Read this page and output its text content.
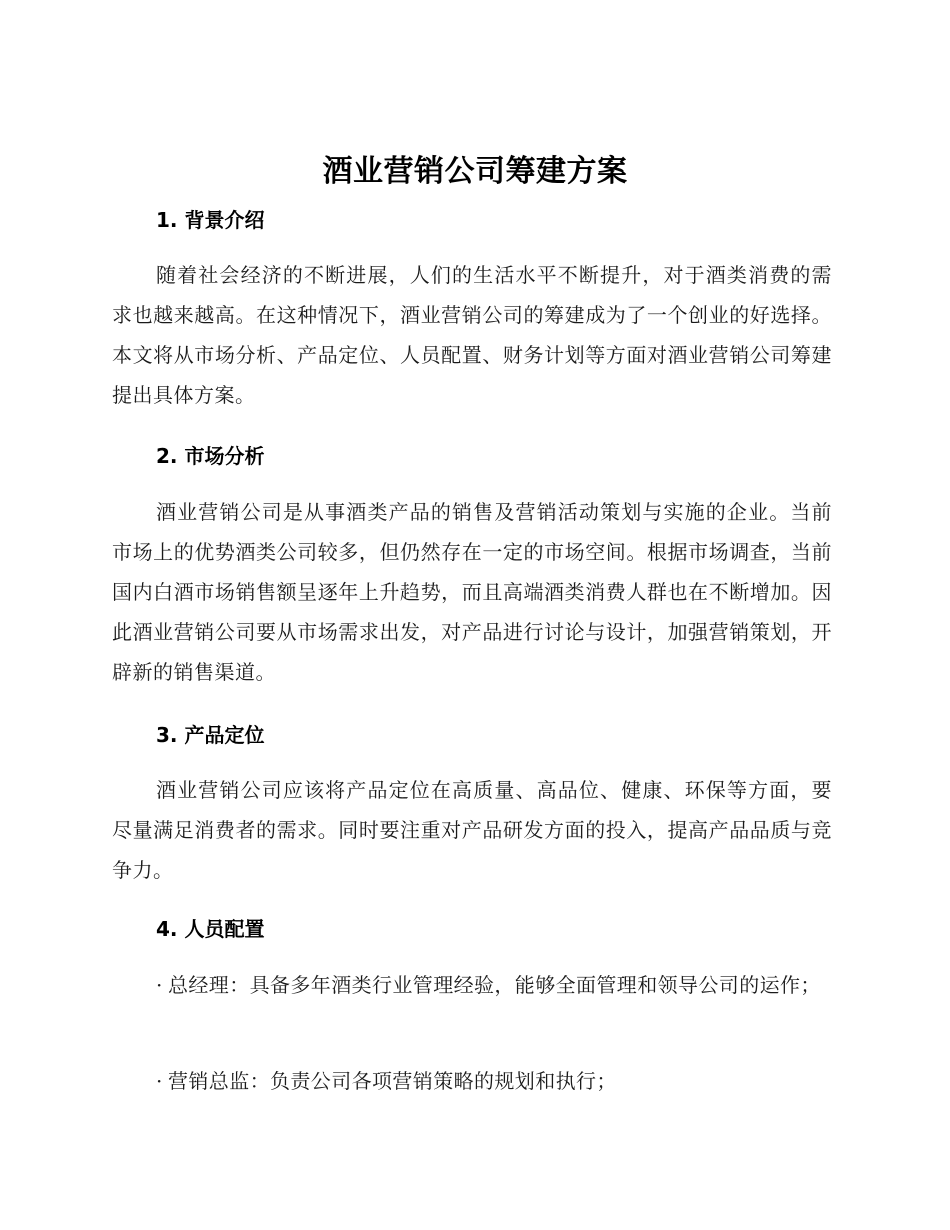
酒业营销公司筹建方案
1. 背景介绍

随着社会经济的不断进展，人们的生活水平不断提升，对于酒类消费的需求也越来越高。在这种情况下，酒业营销公司的筹建成为了一个创业的好选择。本文将从市场分析、产品定位、人员配置、财务计划等方面对酒业营销公司筹建提出具体方案。

2. 市场分析

酒业营销公司是从事酒类产品的销售及营销活动策划与实施的企业。当前市场上的优势酒类公司较多，但仍然存在一定的市场空间。根据市场调查，当前国内白酒市场销售额呈逐年上升趋势，而且高端酒类消费人群也在不断增加。因此酒业营销公司要从市场需求出发，对产品进行讨论与设计，加强营销策划，开辟新的销售渠道。

3. 产品定位

酒业营销公司应该将产品定位在高质量、高品位、健康、环保等方面，要尽量满足消费者的需求。同时要注重对产品研发方面的投入，提高产品品质与竞争力。

4. 人员配置
· 总经理：具备多年酒类行业管理经验，能够全面管理和领导公司的运作；
· 营销总监：负责公司各项营销策略的规划和执行；
